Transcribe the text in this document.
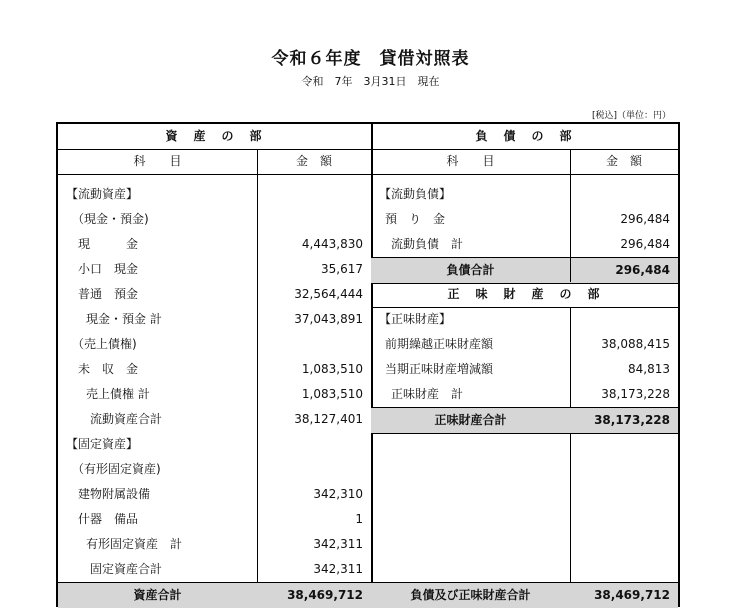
令和６年度　貸借対照表
令和　7年　3月31日　現在
[税込]（単位：円）
資　産　の　部
科　　目	金　額
【流動資産】
（現金・預金)
現　　　金	4,443,830
小口　現金	35,617
普通　預金	32,564,444
現金・預金 計	37,043,891
（売上債権)
未　収　金	1,083,510
売上債権 計	1,083,510
流動資産合計	38,127,401
【固定資産】
（有形固定資産)
建物附属設備	342,310
什器　備品	1
有形固定資産　計	342,311
固定資産合計	342,311
資産合計	38,469,712
負　債　の　部
科　　目	金　額
【流動負債】
預　り　金	296,484
流動負債　計	296,484
負債合計	296,484
正　味　財　産　の　部
【正味財産】
前期繰越正味財産額	38,088,415
当期正味財産増減額	84,813
正味財産　計	38,173,228
正味財産合計	38,173,228
負債及び正味財産合計	38,469,712
